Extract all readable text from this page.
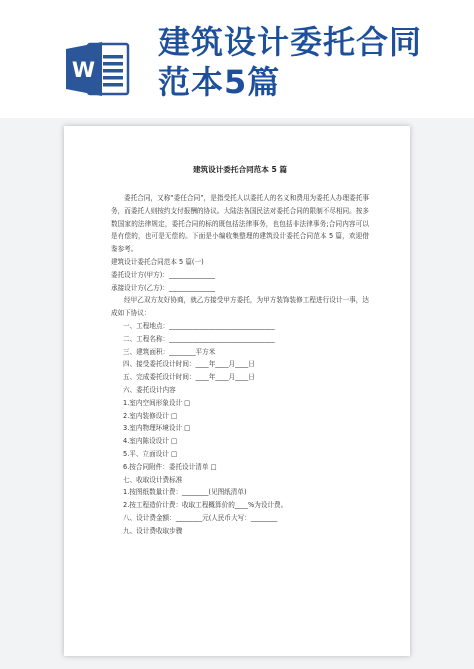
W
建筑设计委托合同
范本5篇
建筑设计委托合同范本 5 篇

委托合同，又称“委任合同”，是指受托人以委托人的名义和费用为委托人办理委托事务，而委托人则按约支付报酬的协议。大陆法各国民法对委托合同的限制不尽相同。按多数国家的法律规定，委托合同的标的既包括法律事务，也包括非法律事务;合同内容可以是有偿的，也可是无偿的。下面是小编收集整理的建筑设计委托合同范本 5 篇，欢迎借鉴参考。

建筑设计委托合同范本 5 篇(一)

委托设计方(甲方)：______________

承接设计方(乙方)：______________

经甲乙双方友好协商，就乙方接受甲方委托，为甲方装饰装修工程进行设计一事，达成如下协议：

一、工程地点：________________________________

二、工程名称：________________________________

三、建筑面积：________平方米

四、接受委托设计时间：____年____月____日

五、完成委托设计时间：____年____月____日

六、委托设计内容

1.室内空间形象设计 □

2.室内装修设计 □

3.室内物理环境设计 □

4.室内陈设设计 □

5.平、立面设计 □

6.按合同附件：委托设计清单 □

七、收取设计费标准

1.按图纸数量计费：________(见图纸清单)

2.按工程造价计费：收取工程概算价的____%为设计费。

八、设计费金额：________元(人民币大写：________

九、设计费收取步骤
